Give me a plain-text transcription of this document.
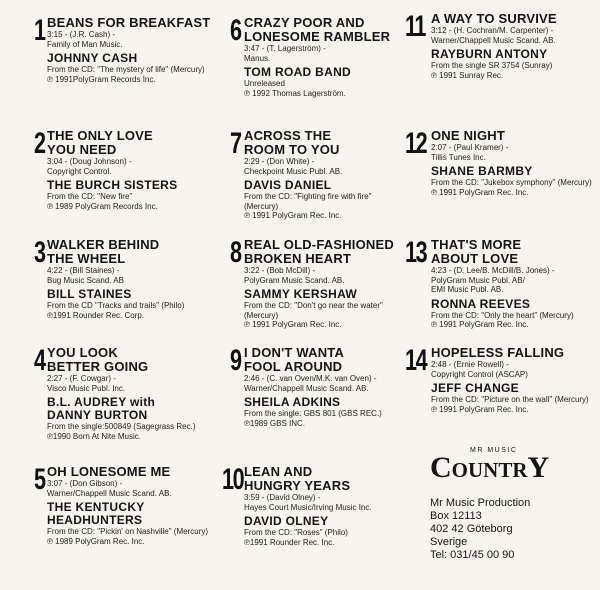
1 BEANS FOR BREAKFAST
3:15 - (J.R. Cash) -
Family of Man Music.
JOHNNY CASH
From the CD: "The mystery of life" (Mercury)
℗ 1991PolyGram Records Inc.
2 THE ONLY LOVE
YOU NEED
3:04 - (Doug Johnson) -
Copyright Control.
THE BURCH SISTERS
From the CD: "New fire"
℗ 1989 PolyGram Records Inc.
3 WALKER BEHIND
THE WHEEL
4:22 - (Bill Staines) -
Bug Music Scand. AB
BILL STAINES
From the CD "Tracks and trails" (Philo)
℗1991 Rounder Rec. Corp.
4 YOU LOOK
BETTER GOING
2:27 - (F. Cowgar) -
Visco Music Publ. Inc.
B.L. AUDREY with
DANNY BURTON
From the single:500849 (Sagegrass Rec.)
℗1990 Born At Nite Music.
5 OH LONESOME ME
3:07 - (Don Gibson) -
Warner/Chappell Music Scand. AB.
THE KENTUCKY
HEADHUNTERS
From the CD: "Pickin' on Nashville" (Mercury)
℗ 1989 PolyGram Rec. Inc.
6 CRAZY POOR AND
LONESOME RAMBLER
3:47 - (T. Lagerström) -
Manus.
TOM ROAD BAND
Unreleased
℗ 1992 Thomas Lagerström.
7 ACROSS THE
ROOM TO YOU
2:29 - (Don White) -
Checkpoint Music Publ. AB.
DAVIS DANIEL
From the CD: "Fighting fire with fire"
(Mercury)
℗ 1991 PolyGram Rec. Inc.
8 REAL OLD-FASHIONED
BROKEN HEART
3:22 - (Bob McDill) -
PolyGram Music Scand. AB.
SAMMY KERSHAW
From the CD: "Don't go near the water"
(Mercury)
℗ 1991 PolyGram Rec. Inc.
9 I DON'T WANTA
FOOL AROUND
2:46 - (C. van Oven/M.K. van Oven) -
Warner/Chappell Music Scand. AB.
SHEILA ADKINS
From the single: GBS 801 (GBS REC.)
℗1989 GBS INC.
10 LEAN AND
HUNGRY YEARS
3:59 - (David Olney) -
Hayes Court Music/Irving Music Inc.
DAVID OLNEY
From the CD: "Roses" (Philo)
℗1991 Rounder Rec. Inc.
11 A WAY TO SURVIVE
3:12 - (H. Cochran/M. Carpenter) -
Warner/Chappell Music Scand. AB.
RAYBURN ANTONY
From the single SR 3754 (Sunray)
℗ 1991 Sunray Rec.
12 ONE NIGHT
2:07 - (Paul Kramer) -
Tillis Tunes Inc.
SHANE BARMBY
From the CD: "Jukebox symphony" (Mercury)
℗ 1991 PolyGram Rec. Inc.
13 THAT'S MORE
ABOUT LOVE
4:23 - (D. Lee/B. McDill/B. Jones) -
PolyGram Music Publ. AB/
EMI Music Publ. AB.
RONNA REEVES
From the CD: "Only the heart" (Mercury)
℗ 1991 PolyGram Rec. Inc.
14 HOPELESS FALLING
2:48 - (Ernie Rowell) -
Copyright Control (ASCAP)
JEFF CHANGE
From the CD: "Picture on the wall" (Mercury)
℗ 1991 PolyGram Rec. Inc.
MR MUSIC
COUNTRY
Mr Music Production
Box 12113
402 42 Göteborg
Sverige
Tel: 031/45 00 90
